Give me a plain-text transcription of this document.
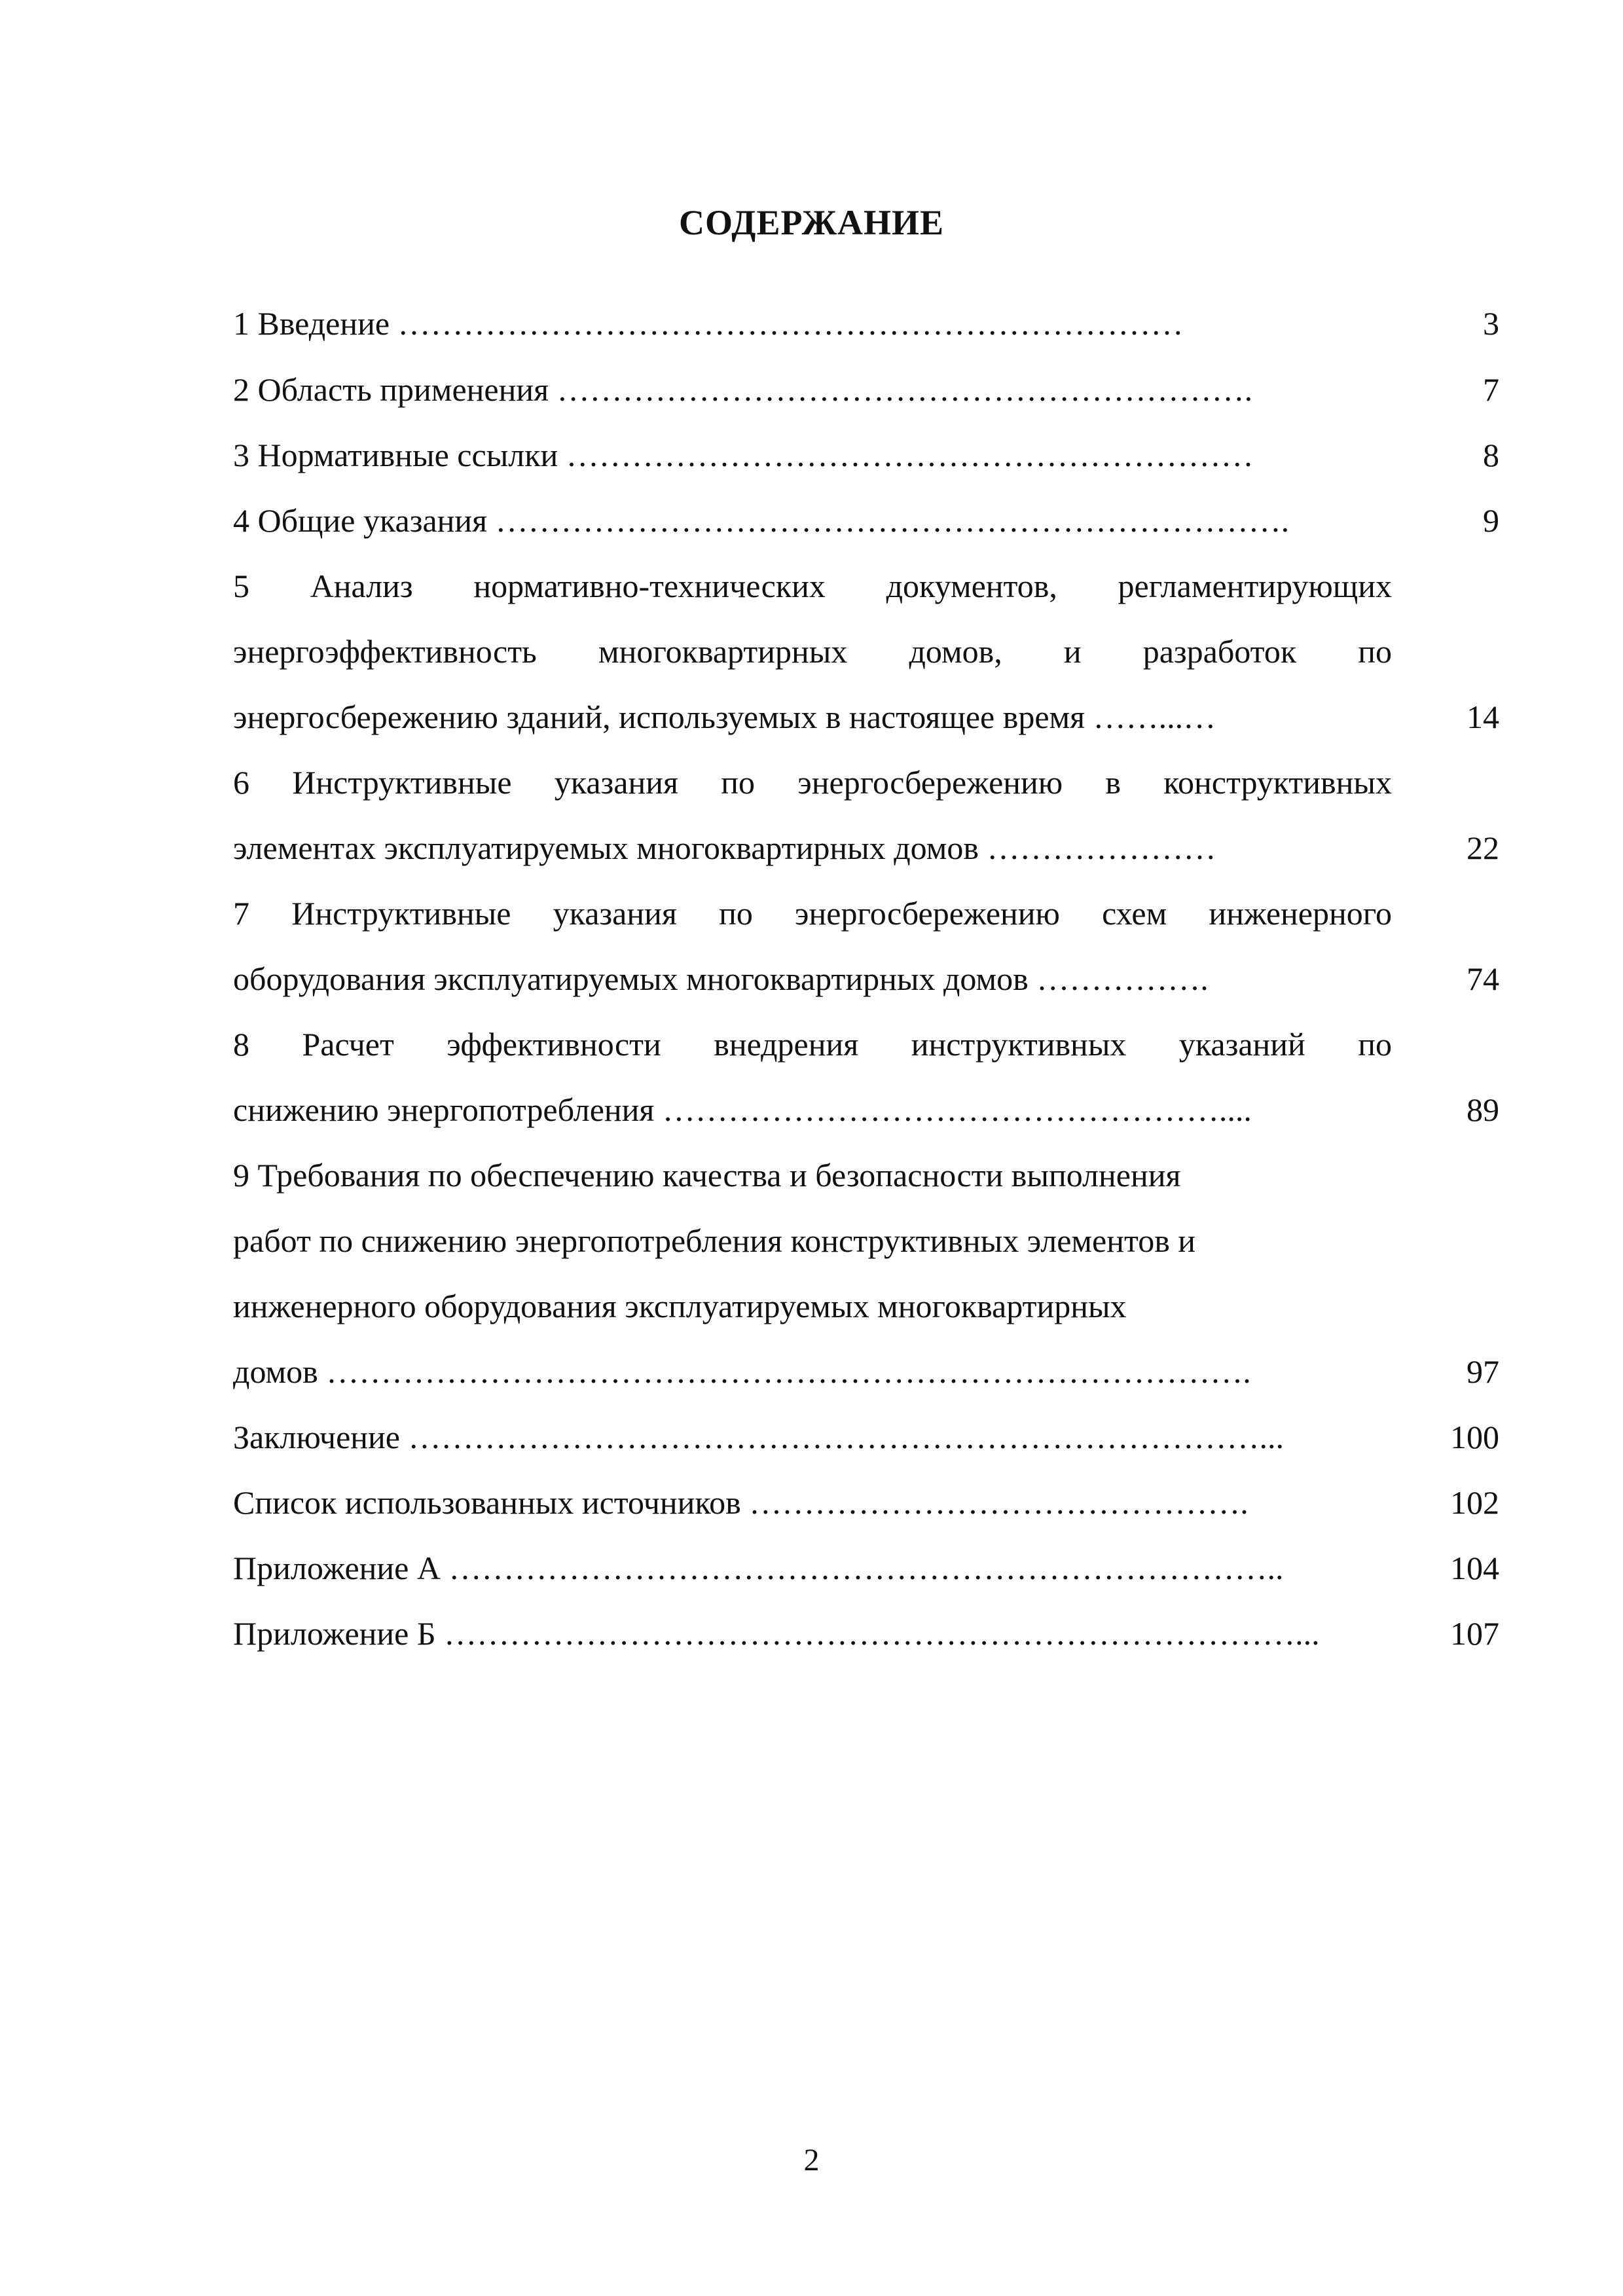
СОДЕРЖАНИЕ
1 Введение ………………………………………………………………	3
2 Область применения ……………………………………………………….	7
3 Нормативные ссылки ………………………………………………………	8
4 Общие указания ……………………………………………………………….	9
5 Анализ нормативно-технических документов, регламентирующих
энергоэффективность многоквартирных домов, и разработок по
энергосбережению зданий, используемых в настоящее время ……...…	14
6 Инструктивные указания по энергосбережению в конструктивных
элементах эксплуатируемых многоквартирных домов …………………	22
7 Инструктивные указания по энергосбережению схем инженерного
оборудования эксплуатируемых многоквартирных домов …………….	74
8 Расчет эффективности внедрения инструктивных указаний по
снижению энергопотребления ……………………………………………....	89
9 Требования по обеспечению качества и безопасности выполнения
работ по снижению энергопотребления конструктивных элементов и
инженерного оборудования эксплуатируемых многоквартирных
домов ………………………………………………………………………….	97
Заключение ……………………………………………………………………...	100
Список использованных источников ……………………………………….	102
Приложение А …………………………………………………………………..	104
Приложение Б ……………………………………………………………………...	107
2
